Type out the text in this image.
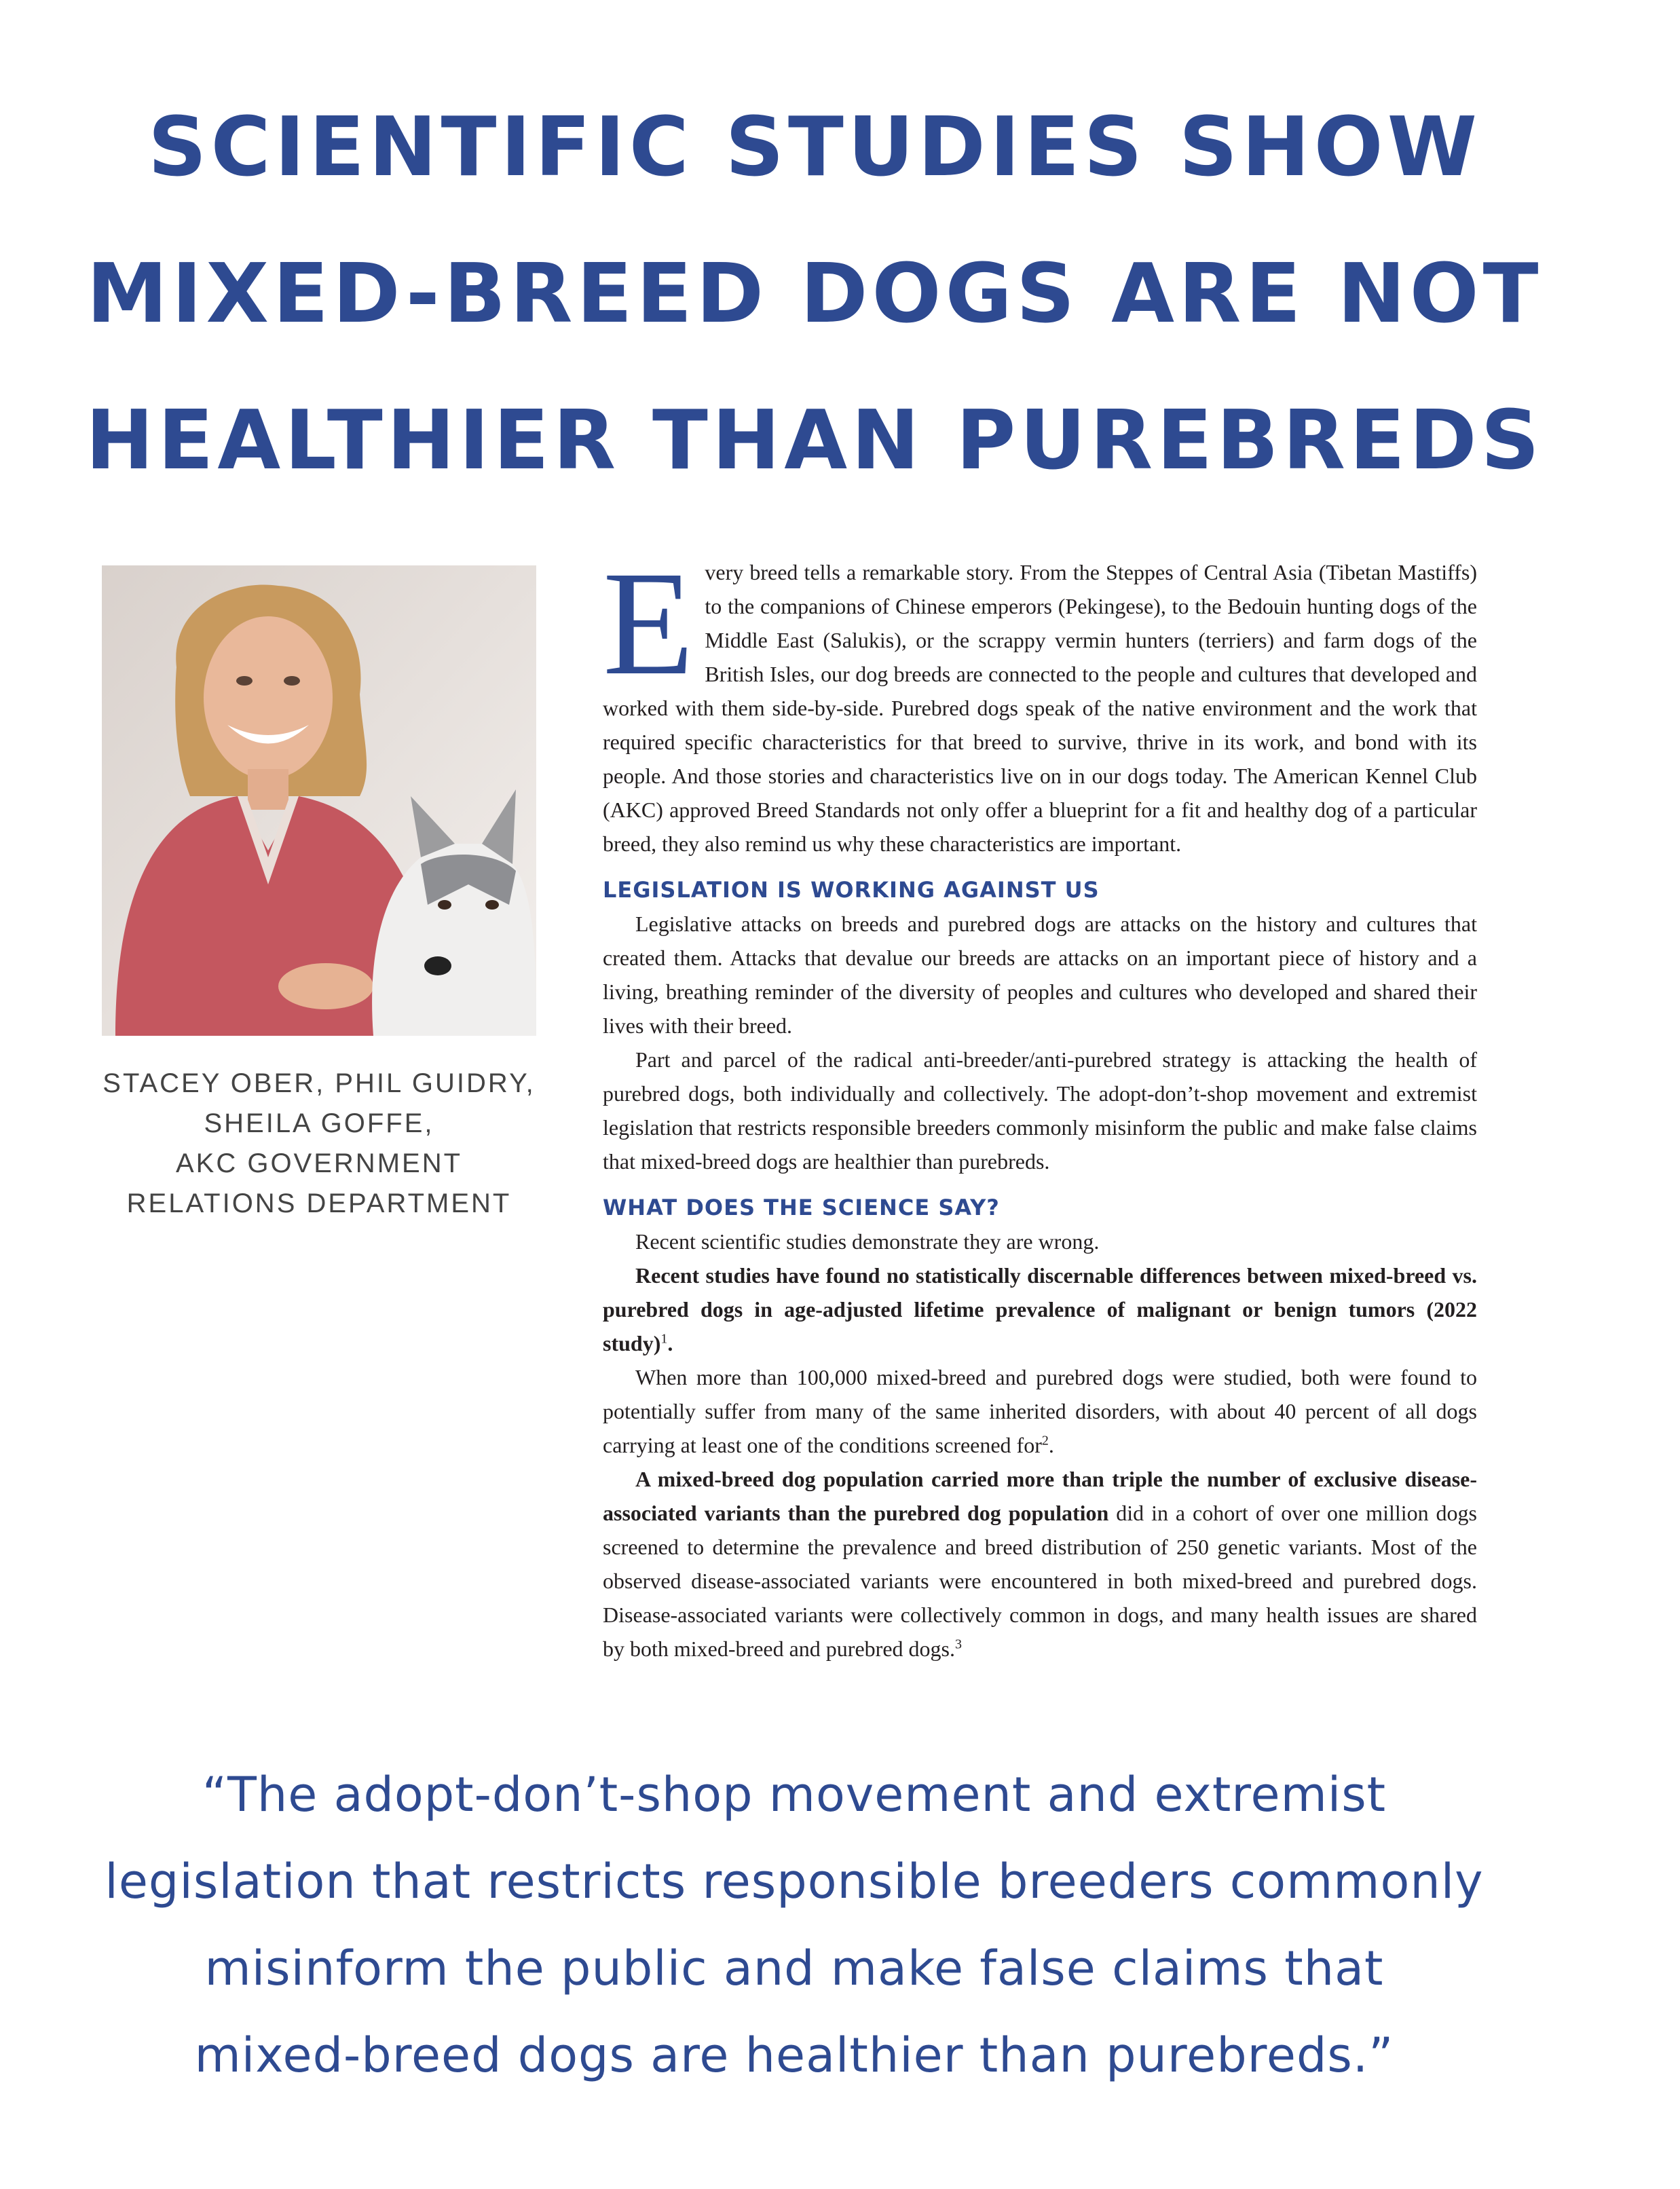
SCIENTIFIC STUDIES SHOW
MIXED-BREED DOGS ARE NOT
HEALTHIER THAN PUREBREDS
STACEY OBER, PHIL GUIDRY,
SHEILA GOFFE,
AKC GOVERNMENT
RELATIONS DEPARTMENT

Every breed tells a remarkable story. From the Steppes of Central Asia (Tibetan Mastiffs) to the companions of Chinese emperors (Pekingese), to the Bedouin hunting dogs of the Middle East (Salukis), or the scrappy vermin hunters (terriers) and farm dogs of the British Isles, our dog breeds are connected to the people and cultures that developed and worked with them side-by-side. Purebred dogs speak of the native environment and the work that required specific characteristics for that breed to survive, thrive in its work, and bond with its people. And those stories and characteristics live on in our dogs today. The American Kennel Club (AKC) approved Breed Standards not only offer a blueprint for a fit and healthy dog of a particular breed, they also remind us why these characteristics are important.

LEGISLATION IS WORKING AGAINST US

Legislative attacks on breeds and purebred dogs are attacks on the history and cultures that created them. Attacks that devalue our breeds are attacks on an important piece of history and a living, breathing reminder of the diversity of peoples and cultures who developed and shared their lives with their breed.

Part and parcel of the radical anti-breeder/anti-purebred strategy is attacking the health of purebred dogs, both individually and collectively. The adopt-don’t-shop movement and extremist legislation that restricts responsible breeders commonly misinform the public and make false claims that mixed-breed dogs are healthier than purebreds.

WHAT DOES THE SCIENCE SAY?

Recent scientific studies demonstrate they are wrong.

Recent studies have found no statistically discernable differences between mixed-breed vs. purebred dogs in age-adjusted lifetime prevalence of malignant or benign tumors (2022 study)$^1$.

When more than 100,000 mixed-breed and purebred dogs were studied, both were found to potentially suffer from many of the same inherited disorders, with about 40 percent of all dogs carrying at least one of the conditions screened for$^2$.

A mixed-breed dog population carried more than triple the number of exclusive disease-associated variants than the purebred dog population did in a cohort of over one million dogs screened to determine the prevalence and breed distribution of 250 genetic variants. Most of the observed disease-associated variants were encountered in both mixed-breed and purebred dogs. Disease-associated variants were collectively common in dogs, and many health issues are shared by both mixed-breed and purebred dogs.$^3$

“The adopt-don’t-shop movement and extremist
legislation that restricts responsible breeders commonly
misinform the public and make false claims that
mixed-breed dogs are healthier than purebreds.”
